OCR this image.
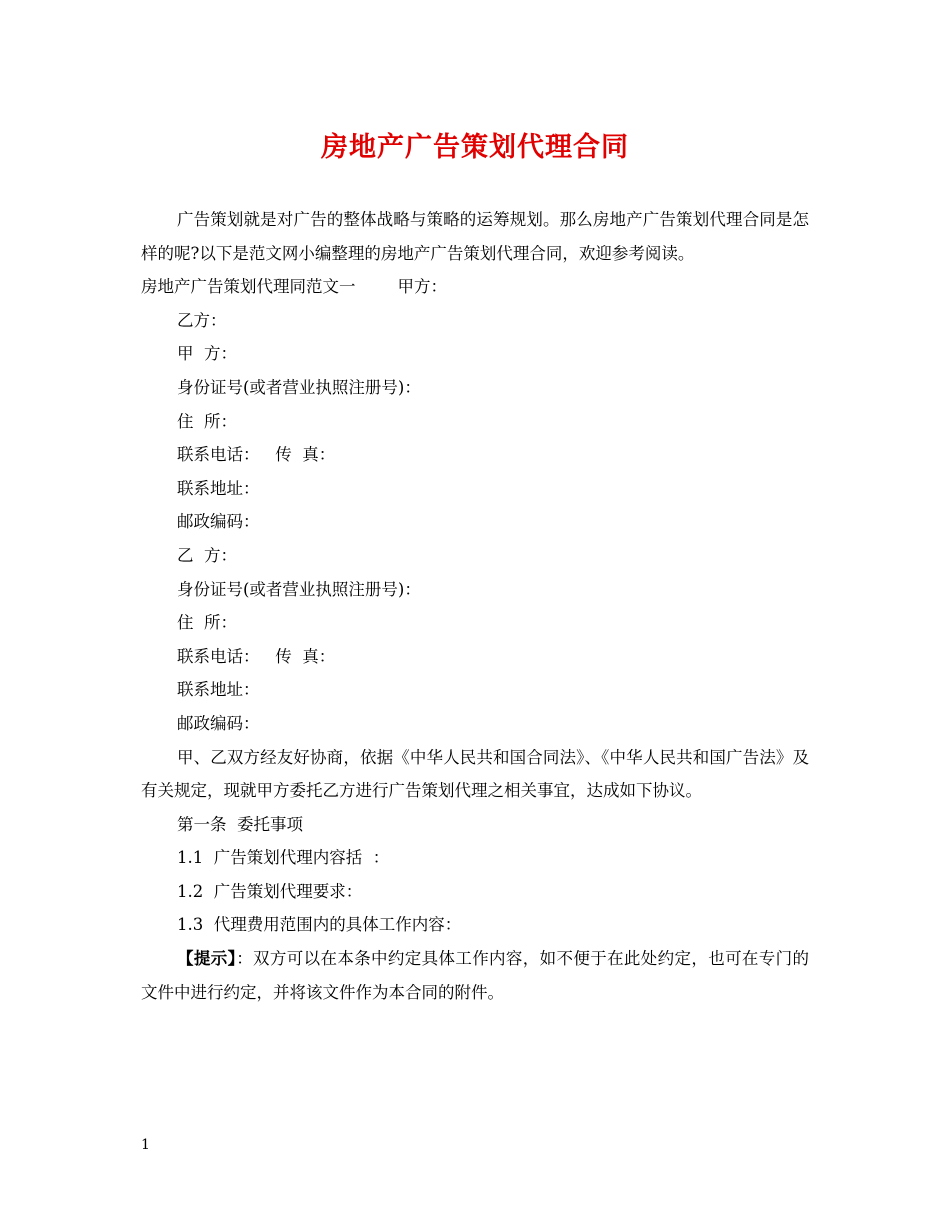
房地产广告策划代理合同

广告策划就是对广告的整体战略与策略的运筹规划。那么房地产广告策划代理合同是怎样的呢?以下是范文网小编整理的房地产广告策划代理合同，欢迎参考阅读。

房地产广告策划代理同范文一        甲方：

乙方：

甲  方：

身份证号(或者营业执照注册号)：

住  所：

联系电话：   传  真：

联系地址：

邮政编码：

乙  方：

身份证号(或者营业执照注册号)：

住  所：

联系电话：   传  真：

联系地址：

邮政编码：

甲、乙双方经友好协商，依据《中华人民共和国合同法》、《中华人民共和国广告法》及有关规定，现就甲方委托乙方进行广告策划代理之相关事宜，达成如下协议。

第一条  委托事项

1.1  广告策划代理内容括  ：

1.2  广告策划代理要求：

1.3  代理费用范围内的具体工作内容：

【提示】：双方可以在本条中约定具体工作内容，如不便于在此处约定，也可在专门的文件中进行约定，并将该文件作为本合同的附件。

1
